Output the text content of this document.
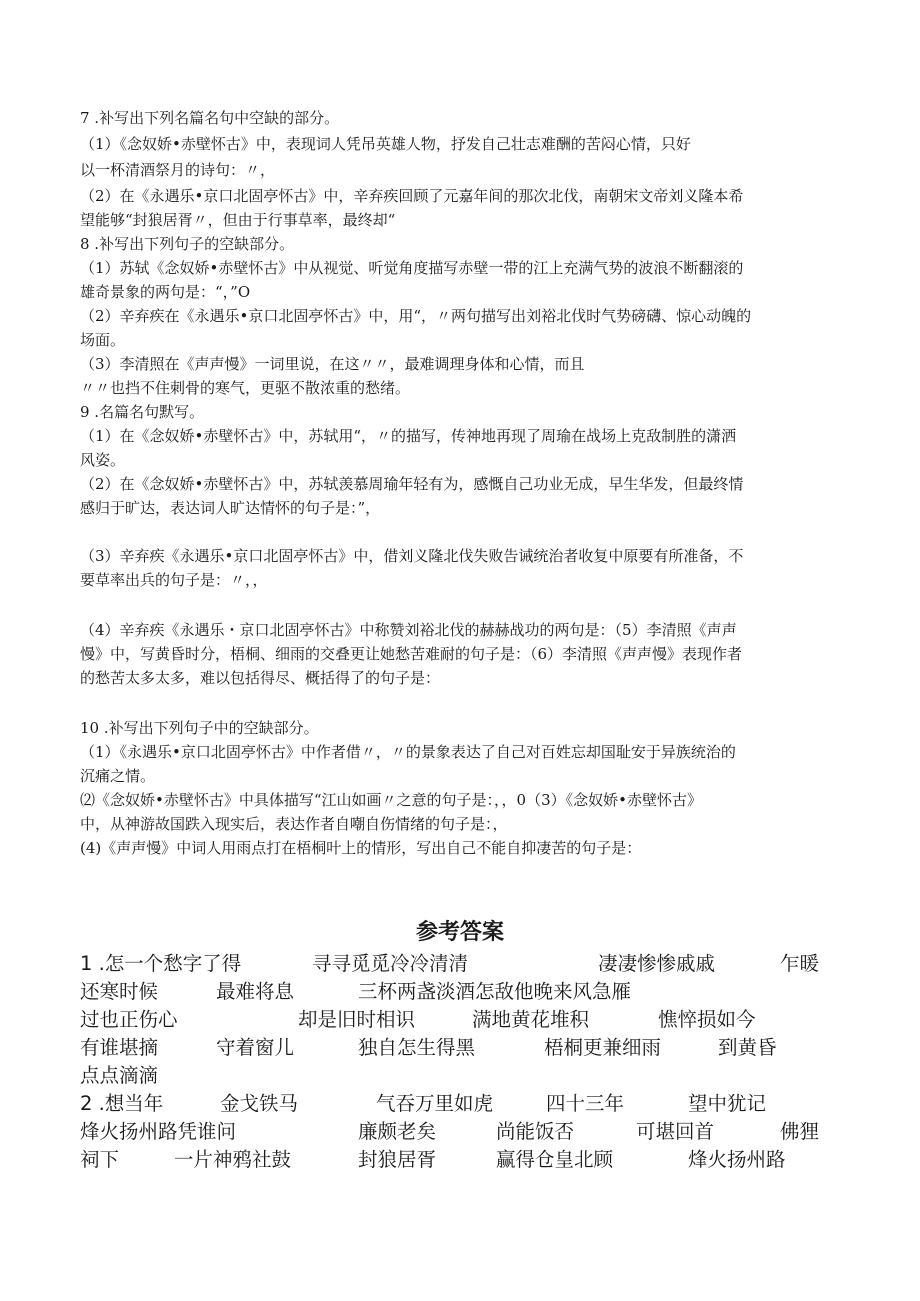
7 .补写出下列名篇名句中空缺的部分。

（1）《念奴娇•赤壁怀古》中，表现词人凭吊英雄人物，抒发自己壮志难酬的苦闷心情，只好

以一杯清酒祭月的诗句：〃，

（2）在《永遇乐•京口北固亭怀古》中，辛弃疾回顾了元嘉年间的那次北伐，南朝宋文帝刘义隆本希

望能够“封狼居胥〃，但由于行事草率，最终却“

8 .补写出下列句子的空缺部分。

（1）苏轼《念奴娇•赤壁怀古》中从视觉、听觉角度描写赤壁一带的江上充满气势的波浪不断翻滚的

雄奇景象的两句是：“，”O

（2）辛弃疾在《永遇乐•京口北固亭怀古》中，用“，〃两句描写出刘裕北伐时气势磅礴、惊心动魄的

场面。

（3）李清照在《声声慢》一词里说，在这〃〃，最难调理身体和心情，而且

〃〃也挡不住刺骨的寒气，更驱不散浓重的愁绪。

9 .名篇名句默写。

（1）在《念奴娇•赤壁怀古》中，苏轼用“，〃的描写，传神地再现了周瑜在战场上克敌制胜的潇洒

风姿。

（2）在《念奴娇•赤壁怀古》中，苏轼羡慕周瑜年轻有为，感慨自己功业无成，早生华发，但最终情

感归于旷达，表达词人旷达情怀的句子是：”，

（3）辛弃疾《永遇乐•京口北固亭怀古》中，借刘义隆北伐失败告诫统治者收复中原要有所准备，不

要草率出兵的句子是：〃，，

（4）辛弃疾《永遇乐・京口北固亭怀古》中称赞刘裕北伐的赫赫战功的两句是：（5）李清照《声声

慢》中，写黄昏时分，梧桐、细雨的交叠更让她愁苦难耐的句子是：（6）李清照《声声慢》表现作者

的愁苦太多太多，难以包括得尽、概括得了的句子是：

10 .补写出下列句子中的空缺部分。

（1）《永遇乐•京口北固亭怀古》中作者借〃，〃的景象表达了自己对百姓忘却国耻安于异族统治的

沉痛之情。

⑵《念奴娇•赤壁怀古》中具体描写“江山如画〃之意的句子是：，，0（3）《念奴娇•赤壁怀古》

中，从神游故国跌入现实后，表达作者自嘲自伤情绪的句子是：，

(4)《声声慢》中词人用雨点打在梧桐叶上的情形，写出自己不能自抑凄苦的句子是：

参考答案
1 .怎一个愁字了得	寻寻觅觅冷冷清清	凄凄惨惨戚戚	乍暖
还寒时候	最难将息	三杯两盏淡酒怎敌他晚来风急雁
过也正伤心	却是旧时相识	满地黄花堆积	憔悴损如今
有谁堪摘	守着窗儿	独自怎生得黑	梧桐更兼细雨	到黄昏
点点滴滴
2 .想当年	金戈铁马	气吞万里如虎	四十三年	望中犹记
烽火扬州路凭谁问	廉颇老矣	尚能饭否	可堪回首	佛狸
祠下	一片神鸦社鼓	封狼居胥	赢得仓皇北顾	烽火扬州路
